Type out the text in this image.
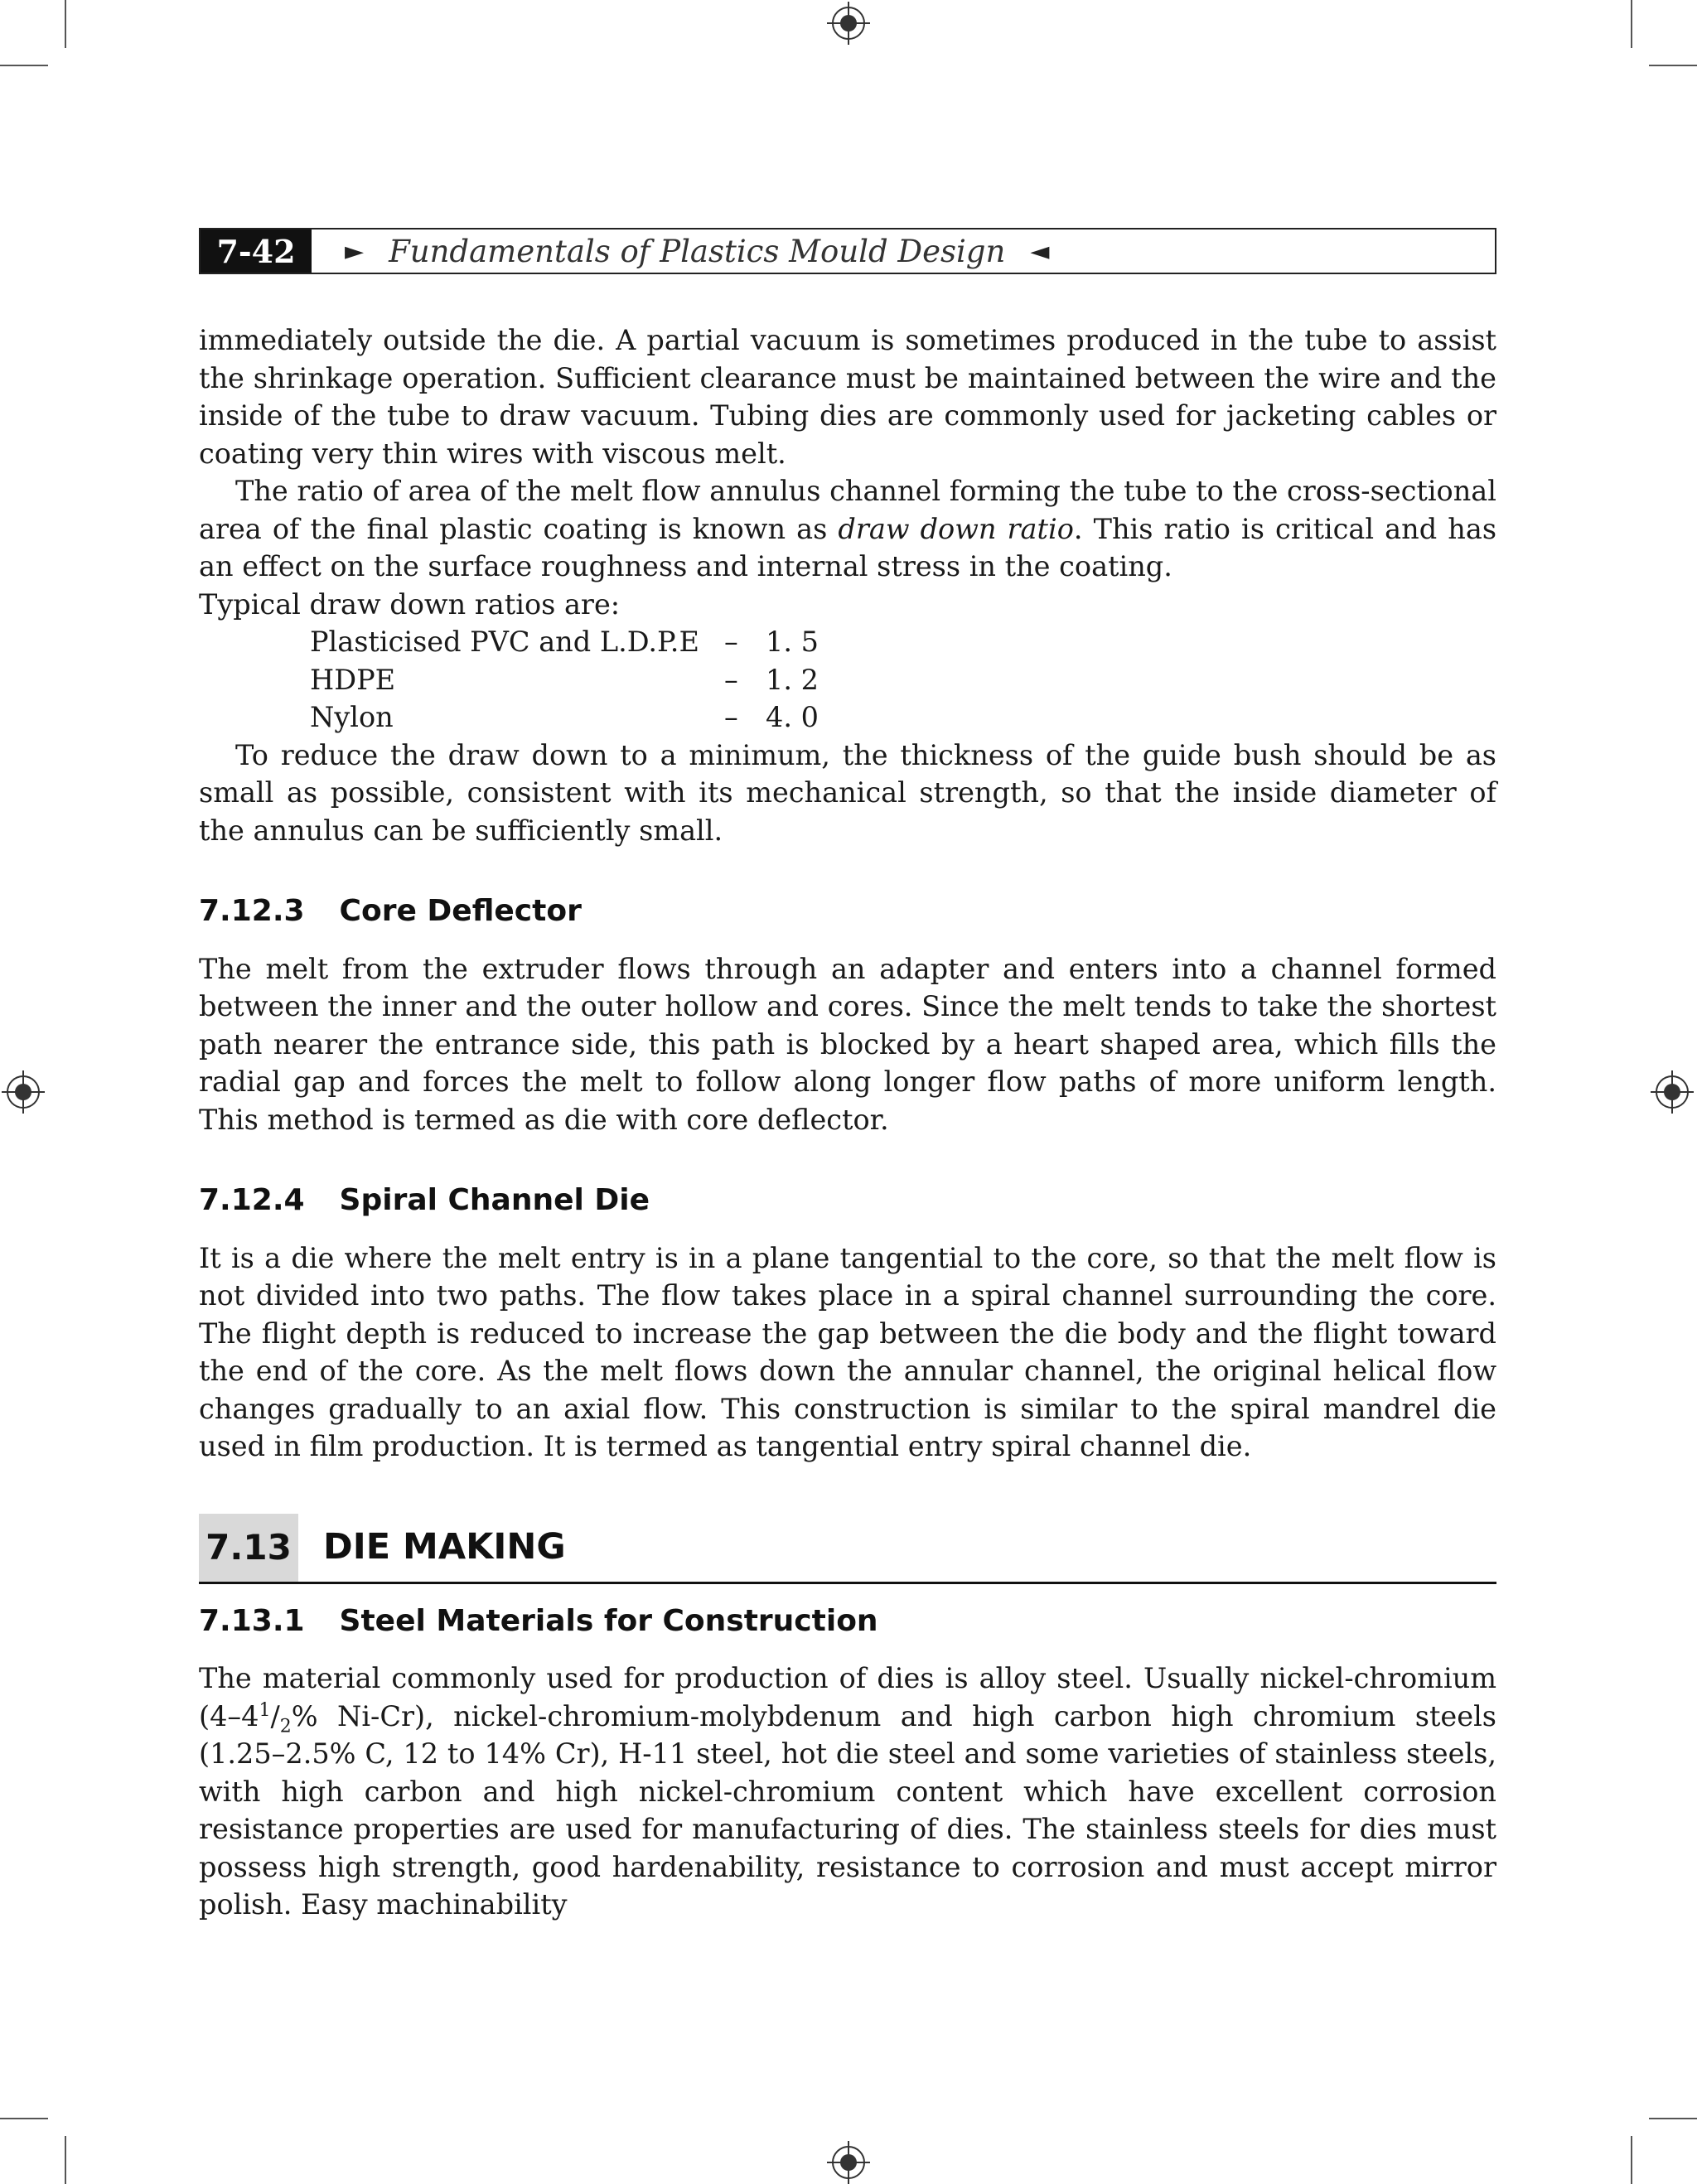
7-42	► Fundamentals of Plastics Mould Design ◄

immediately outside the die. A partial vacuum is sometimes produced in the tube to assist the shrinkage operation. Sufficient clearance must be maintained between the wire and the inside of the tube to draw vacuum. Tubing dies are commonly used for jacketing cables or coating very thin wires with viscous melt.

The ratio of area of the melt flow annulus channel forming the tube to the cross-sectional area of the final plastic coating is known as draw down ratio. This ratio is critical and has an effect on the surface roughness and internal stress in the coating.

Typical draw down ratios are:

Plasticised PVC and L.D.P.E – 1. 5
HDPE	– 1. 2
Nylon	– 4. 0

To reduce the draw down to a minimum, the thickness of the guide bush should be as small as possible, consistent with its mechanical strength, so that the inside diameter of the annulus can be sufficiently small.

7.12.3 Core Deflector

The melt from the extruder flows through an adapter and enters into a channel formed between the inner and the outer hollow and cores. Since the melt tends to take the shortest path nearer the entrance side, this path is blocked by a heart shaped area, which fills the radial gap and forces the melt to follow along longer flow paths of more uniform length. This method is termed as die with core deflector.

7.12.4 Spiral Channel Die

It is a die where the melt entry is in a plane tangential to the core, so that the melt flow is not divided into two paths. The flow takes place in a spiral channel surrounding the core. The flight depth is reduced to increase the gap between the die body and the flight toward the end of the core. As the melt flows down the annular channel, the original helical flow changes gradually to an axial flow. This construction is similar to the spiral mandrel die used in film production. It is termed as tangential entry spiral channel die.

7.13 DIE MAKING
7.13.1 Steel Materials for Construction

The material commonly used for production of dies is alloy steel. Usually nickel-chromium ($4-4^1/_2\%$ Ni-Cr), nickel-chromium-molybdenum and high carbon high chromium steels (1.25–2.5% C, 12 to 14% Cr), H-11 steel, hot die steel and some varieties of stainless steels, with high carbon and high nickel-chromium content which have excellent corrosion resistance properties are used for manufacturing of dies. The stainless steels for dies must possess high strength, good hardenability, resistance to corrosion and must accept mirror polish. Easy machinability
